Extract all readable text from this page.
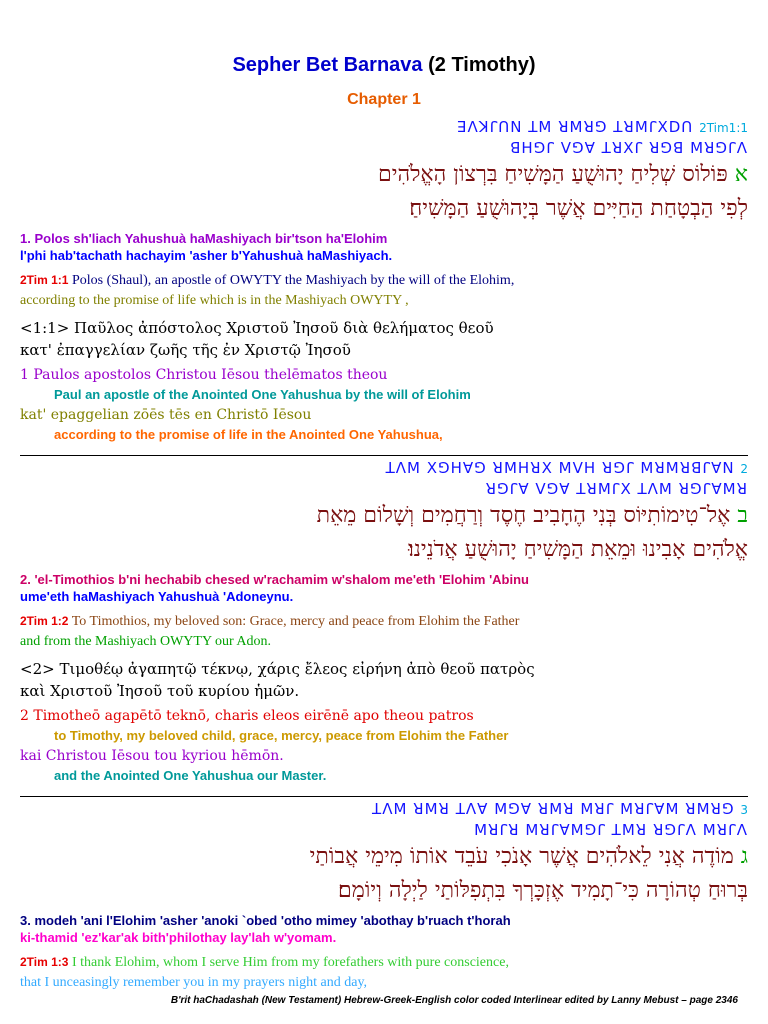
Sepher Bet Barnava (2 Timothy)
Chapter 1
ꓱꓥꓘꓩꓵꓠ ꓕꓟ ꓤꓟꓤꓨ ꓕꓤꓟꓩꓫꓓꓵ 2Tim1:1
ꓭꓧꓨꓩ ꓦꓨꓯ ꓕꓤꓫꓩ ꓤꓨꓭ ꓟꓤꓨꓩꓥ
א פּוֹלוֹס שְׁלִיחַ יָהוּשֻׁעַ הַמָּשִׁיחַ בִּרְצוֹן הָאֱלֹהִים
לְפִי הַבְטָחַת הַחַיִּים אֲשֶׁר בְּיָהוּשֻׁעַ הַמָּשִׁיחַ׃
1. Polos sh'liach Yahushuà haMashiyach bir'tson ha'Elohim
l'phi hab'tachath hachayim 'asher b'Yahushuà haMashiyach.
2Tim 1:1 Polos (Shaul), an apostle of OWYTY the Mashiyach by the will of the Elohim,
according to the promise of life which is in the Mashiyach OWYTY ,
<1:1> Παῦλος ἀπόστολος Χριστοῦ Ἰησοῦ διὰ θελήματος θεοῦ
κατ' ἐπαγγελίαν ζωῆς τῆς ἐν Χριστῷ Ἰησοῦ
1 Paulos apostolos Christou Iēsou thelēmatos theou
Paul an apostle of the Anointed One Yahushua by the will of Elohim
kat' epaggelian zōēs tēs en Christō Iēsou
according to the promise of life in the Anointed One Yahushua,
ꓕꓥꓟ ꓫꓨꓧꓯꓨ ꓤꓟꓧꓤꓫ ꓟꓦꓧ ꓤꓨꓩ ꓟꓤꓟꓤꓭꓩꓯꓠ 2
ꓤꓨꓩꓯ ꓦꓨꓯ ꓕꓤꓟꓩꓫ ꓕꓥꓟ ꓤꓨꓩꓯꓟꓤ
ב אֶל־טִימוֹתִיּוֹס בְּנִי הֶחָבִיב חֶסֶד וְרַחֲמִים וְשָׁלוֹם מֵאֵת
אֱלֹהִים אָבִינוּ וּמֵאֵת הַמָּשִׁיחַ יָהוּשֻׁעַ אֲדֹנֵינוּ׃
2. 'el-Timothios b'ni hechabib chesed w'rachamim w'shalom me'eth 'Elohim 'Abinu
ume'eth haMashiyach Yahushuà 'Adoneynu.
2Tim 1:2 To Timothios, my beloved son: Grace, mercy and peace from Elohim the Father
and from the Mashiyach OWYTY our Adon.
<2> Τιμοθέῳ ἀγαπητῷ τέκνῳ, χάρις ἔλεος εἰρήνη ἀπὸ θεοῦ πατρὸς
καὶ Χριστοῦ Ἰησοῦ τοῦ κυρίου ἡμῶν.
2 Timotheō agapētō teknō, charis eleos eirēnē apo theou patros
to Timothy, my beloved child, grace, mercy, peace from Elohim the Father
kai Christou Iēsou tou kyriou hēmōn.
and the Anointed One Yahushua our Master.
ꓕꓥꓟ ꓤꓟꓤ ꓕꓥꓯ ꓟꓨꓯ ꓤꓟꓤ ꓟꓤꓩ ꓟꓤꓩꓯꓟ ꓤꓟꓤꓨ 3
ꓟꓤꓩꓤ ꓟꓤꓩꓯꓟꓨꓩ ꓕꓟꓤ ꓤꓨꓩꓥ ꓟꓤꓩꓥ
ג מוֹדֶה אֲנִי לֵאלֹהִים אֲשֶׁר אָנֹכִי עֹבֵד אוֹתוֹ מִימֵי אֲבוֹתַי
בְּרוּחַ טְהוֹרָה כִּי־תָמִיד אֶזְכָּרְךָ בִּתְפִלּוֹתַי לַיְלָה וְיוֹמָם׃
3. modeh 'ani l'Elohim 'asher 'anoki `obed 'otho mimey 'abothay b'ruach t'horah
ki-thamid 'ez'kar'ak bith'philothay lay'lah w'yomam.
2Tim 1:3 I thank Elohim, whom I serve Him from my forefathers with pure conscience,
that I unceasingly remember you in my prayers night and day,
B'rit haChadashah (New Testament) Hebrew-Greek-English color coded Interlinear edited by Lanny Mebust – page 2346
